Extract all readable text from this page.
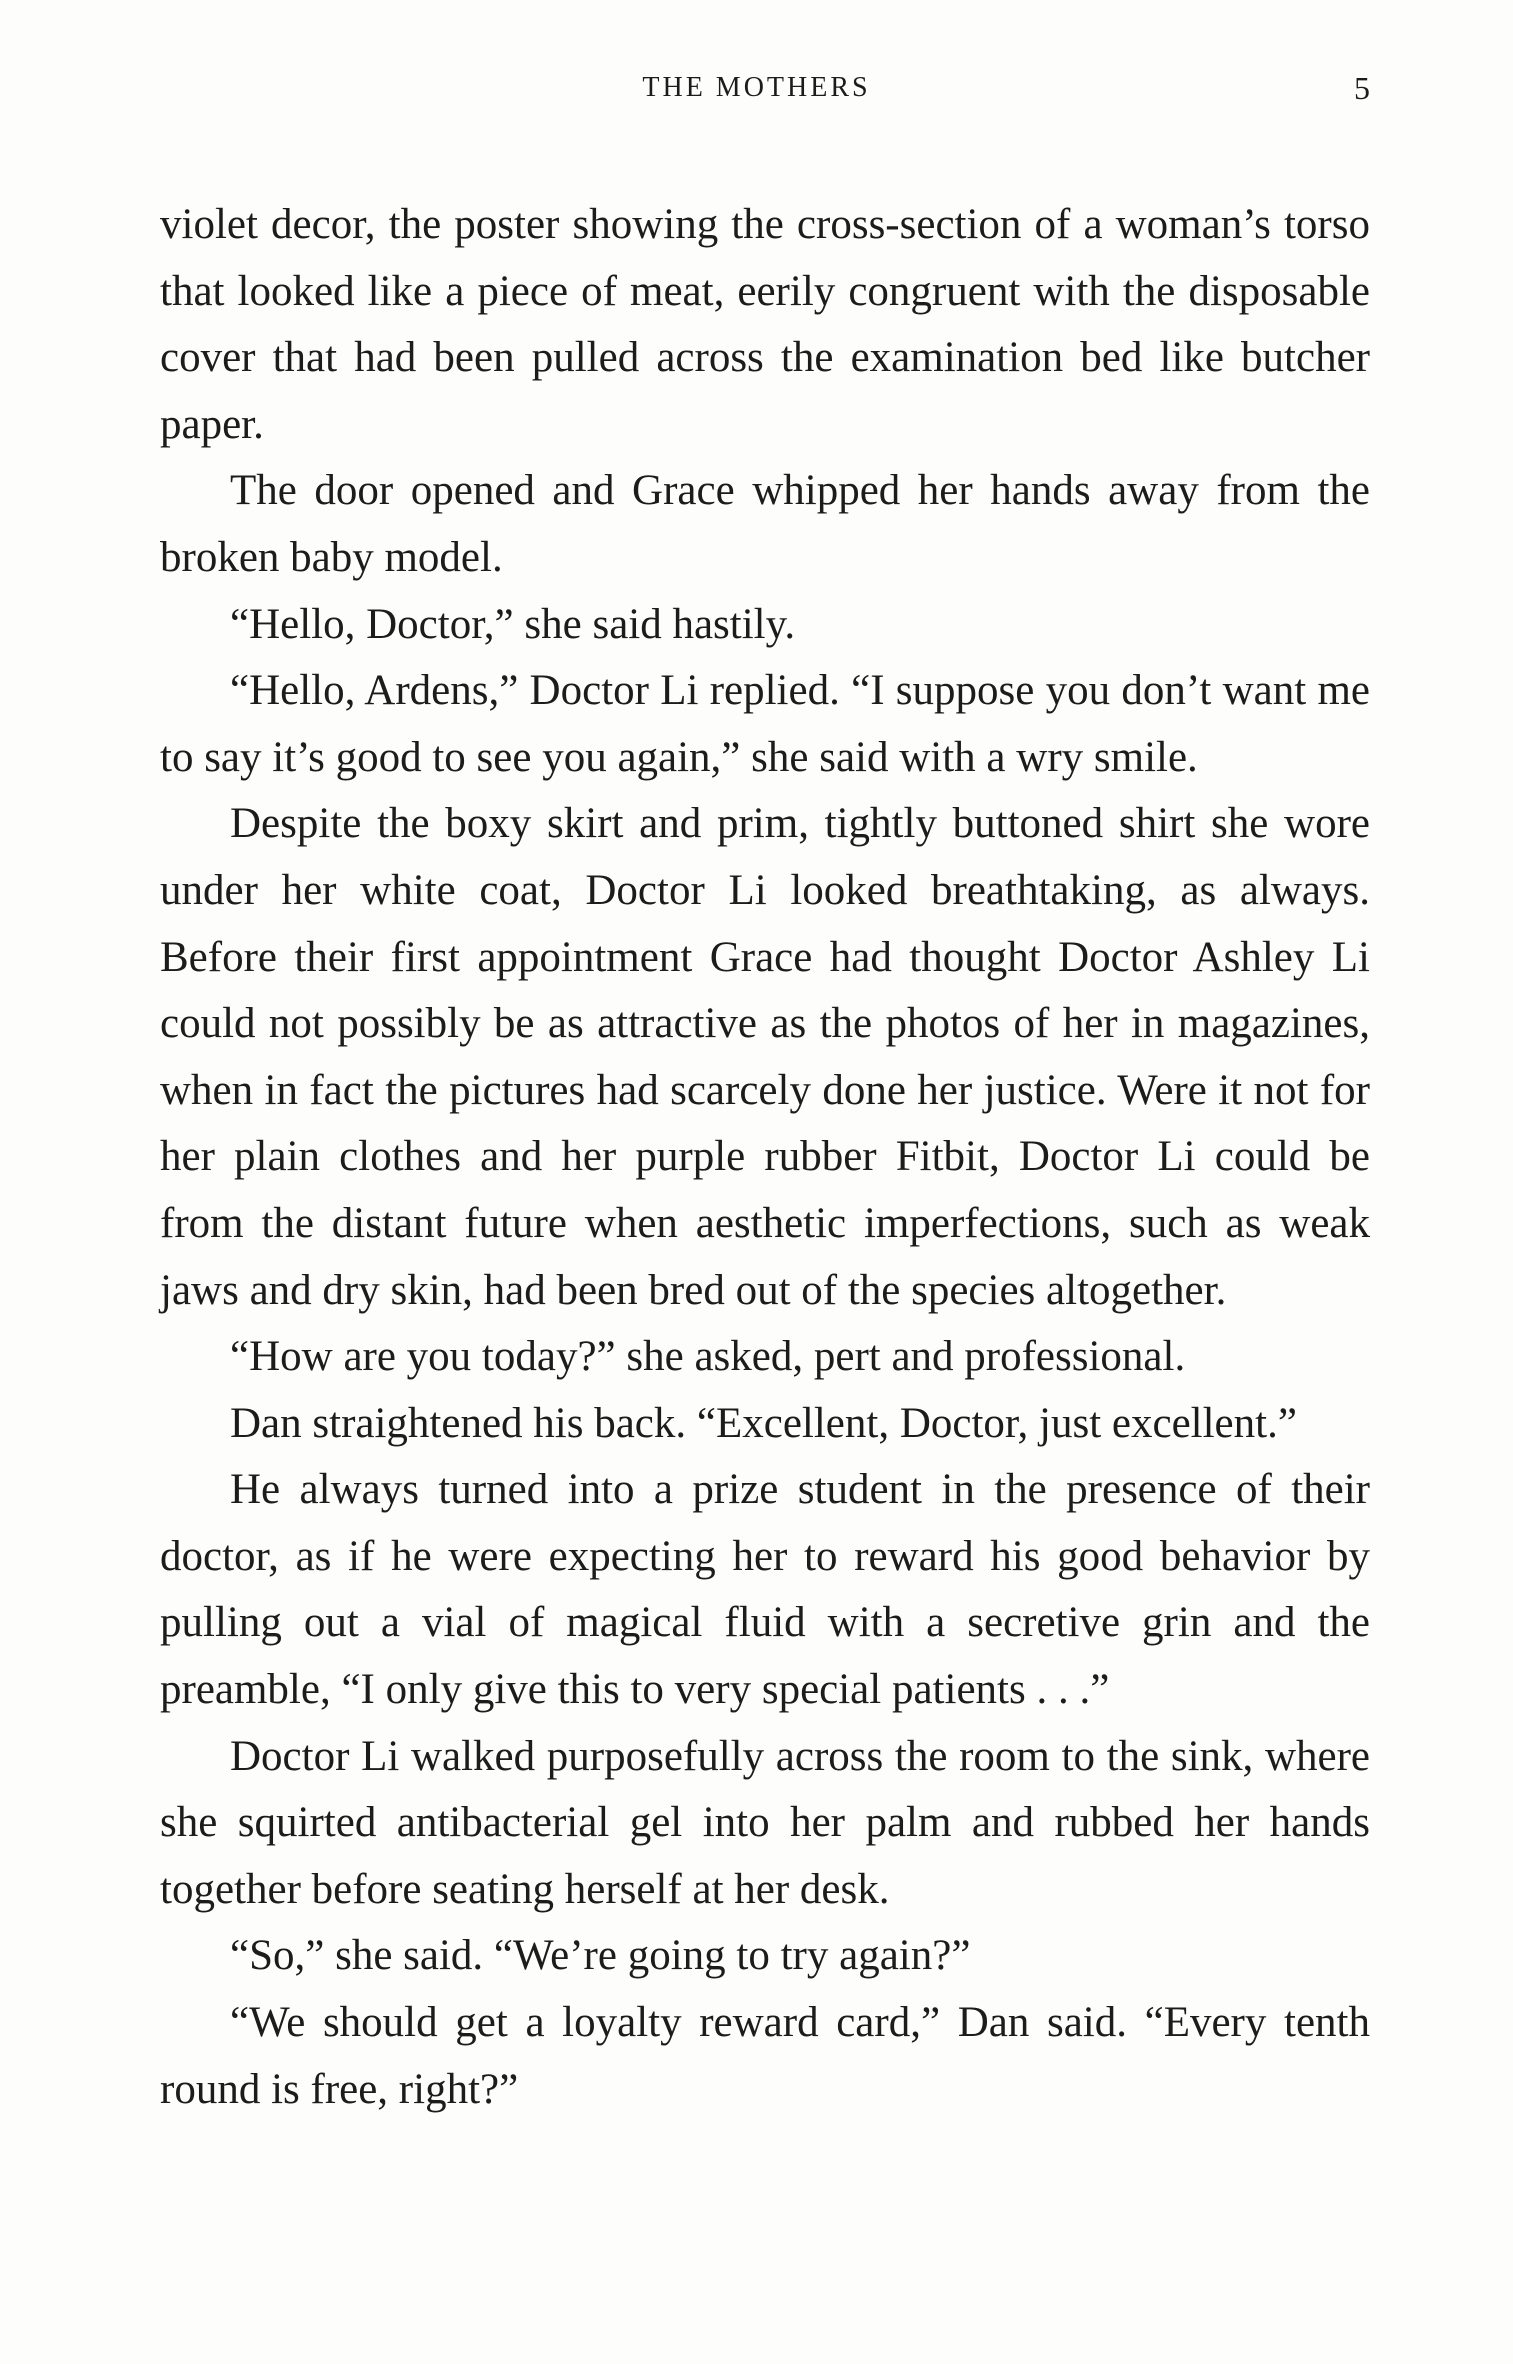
THE MOTHERS	5

violet decor, the poster showing the cross-section of a woman’s torso that looked like a piece of meat, eerily congruent with the disposable cover that had been pulled across the examination bed like butcher paper.

The door opened and Grace whipped her hands away from the broken baby model.

“Hello, Doctor,” she said hastily.

“Hello, Ardens,” Doctor Li replied. “I suppose you don’t want me to say it’s good to see you again,” she said with a wry smile.

Despite the boxy skirt and prim, tightly buttoned shirt she wore under her white coat, Doctor Li looked breathtaking, as always. Before their first appointment Grace had thought Doctor Ashley Li could not possibly be as attractive as the photos of her in magazines, when in fact the pictures had scarcely done her justice. Were it not for her plain clothes and her purple rubber Fitbit, Doctor Li could be from the distant future when aesthetic imperfections, such as weak jaws and dry skin, had been bred out of the species altogether.

“How are you today?” she asked, pert and professional.

Dan straightened his back. “Excellent, Doctor, just excellent.”

He always turned into a prize student in the presence of their doctor, as if he were expecting her to reward his good behavior by pulling out a vial of magical fluid with a secretive grin and the preamble, “I only give this to very special patients . . .”

Doctor Li walked purposefully across the room to the sink, where she squirted antibacterial gel into her palm and rubbed her hands together before seating herself at her desk.

“So,” she said. “We’re going to try again?”

“We should get a loyalty reward card,” Dan said. “Every tenth round is free, right?”
